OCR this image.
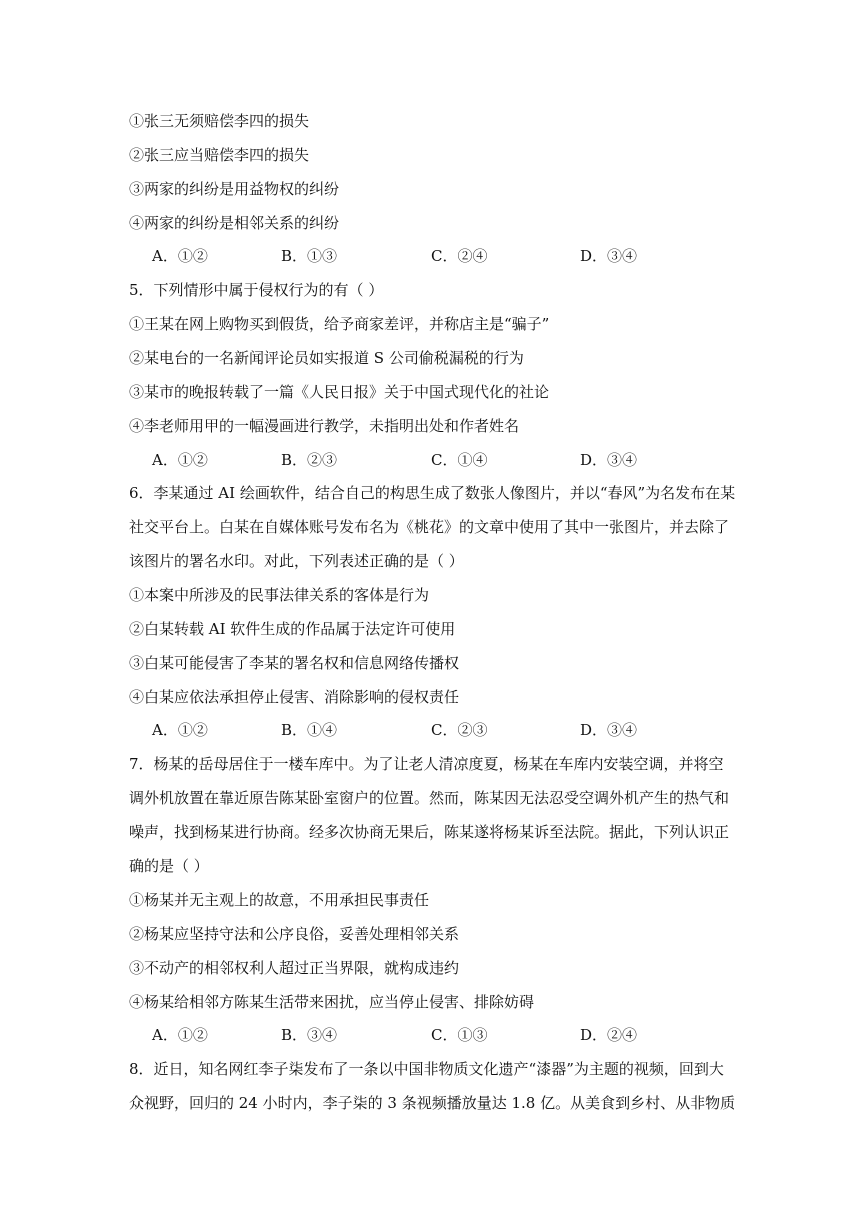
①张三无须赔偿李四的损失
②张三应当赔偿李四的损失
③两家的纠纷是用益物权的纠纷
④两家的纠纷是相邻关系的纠纷
A．①②	B．①③	C．②④	D．③④
5．下列情形中属于侵权行为的有（ ）
①王某在网上购物买到假货，给予商家差评，并称店主是“骗子”
②某电台的一名新闻评论员如实报道 S 公司偷税漏税的行为
③某市的晚报转载了一篇《人民日报》关于中国式现代化的社论
④李老师用甲的一幅漫画进行教学，未指明出处和作者姓名
A．①②	B．②③	C．①④	D．③④
6．李某通过 AI 绘画软件，结合自己的构思生成了数张人像图片，并以“春风”为名发布在某
社交平台上。白某在自媒体账号发布名为《桃花》的文章中使用了其中一张图片，并去除了
该图片的署名水印。对此，下列表述正确的是（ ）
①本案中所涉及的民事法律关系的客体是行为
②白某转载 AI 软件生成的作品属于法定许可使用
③白某可能侵害了李某的署名权和信息网络传播权
④白某应依法承担停止侵害、消除影响的侵权责任
A．①②	B．①④	C．②③	D．③④
7．杨某的岳母居住于一楼车库中。为了让老人清凉度夏，杨某在车库内安装空调，并将空
调外机放置在靠近原告陈某卧室窗户的位置。然而，陈某因无法忍受空调外机产生的热气和
噪声，找到杨某进行协商。经多次协商无果后，陈某遂将杨某诉至法院。据此，下列认识正
确的是（ ）
①杨某并无主观上的故意，不用承担民事责任
②杨某应坚持守法和公序良俗，妥善处理相邻关系
③不动产的相邻权利人超过正当界限，就构成违约
④杨某给相邻方陈某生活带来困扰，应当停止侵害、排除妨碍
A．①②	B．③④	C．①③	D．②④
8．近日，知名网红李子柒发布了一条以中国非物质文化遗产“漆器”为主题的视频，回到大
众视野，回归的 24 小时内，李子柒的 3 条视频播放量达 1.8 亿。从美食到乡村、从非物质
